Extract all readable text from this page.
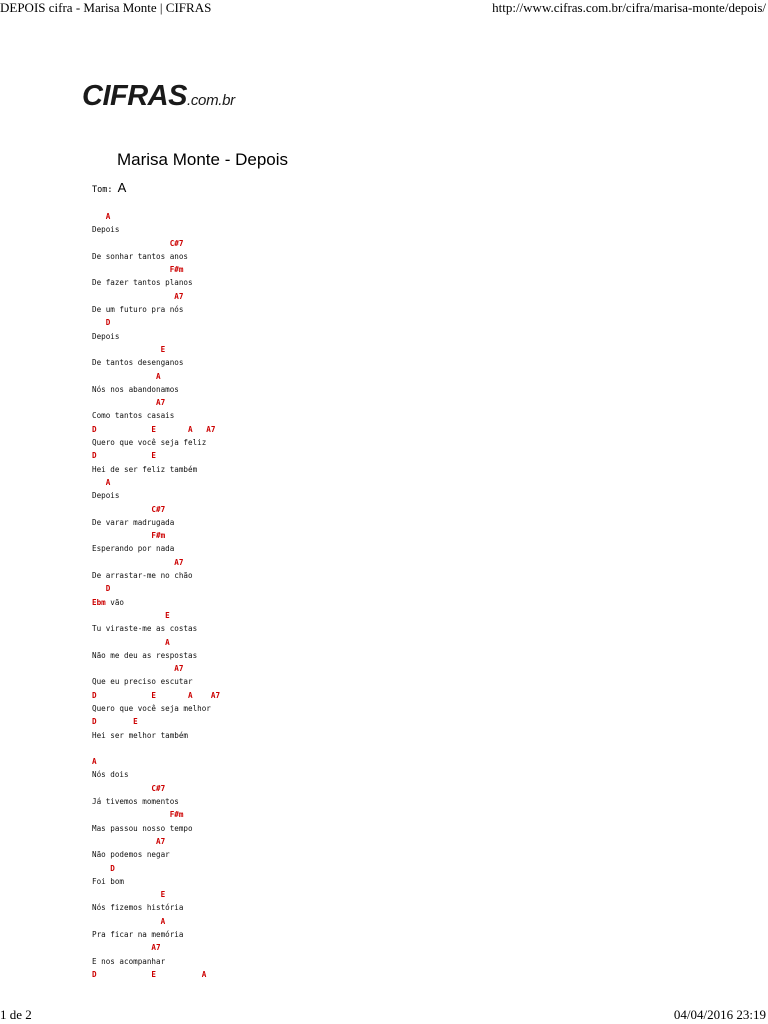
DEPOIS cifra - Marisa Monte | CIFRAS	http://www.cifras.com.br/cifra/marisa-monte/depois/
CIFRAS.com.br
Marisa Monte - Depois
Tom: A
A
Depois
C#7
De sonhar tantos anos
F#m
De fazer tantos planos
A7
De um futuro pra nós
D
Depois
E
De tantos desenganos
A
Nós nos abandonamos
A7
Como tantos casais
D            E       A   A7
Quero que você seja feliz
D            E
Hei de ser feliz também
A
Depois
C#7
De varar madrugada
F#m
Esperando por nada
A7
De arrastar-me no chão
D
Ebm vão
E
Tu viraste-me as costas
A
Não me deu as respostas
A7
Que eu preciso escutar
D            E       A    A7
Quero que você seja melhor
D        E
Hei ser melhor também
A
Nós dois
C#7
Já tivemos momentos
F#m
Mas passou nosso tempo
A7
Não podemos negar
D
Foi bom
E
Nós fizemos história
A
Pra ficar na memória
A7
E nos acompanhar
D            E          A
1 de 2	04/04/2016 23:19
